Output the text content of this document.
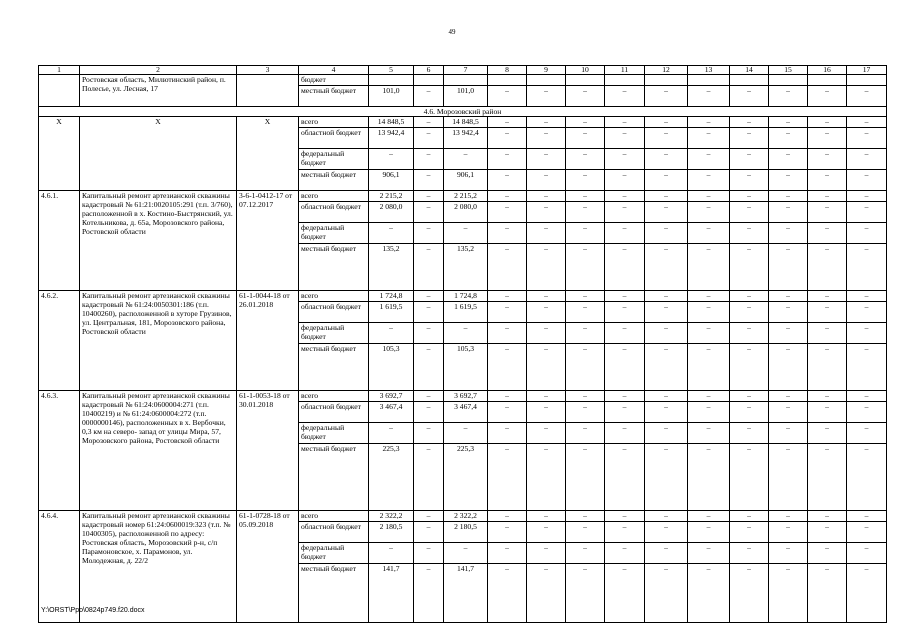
49
1	2	3	4	5	6	7	8	9	10	11	12	13	14	15	16	17
	Ростовская область, Милютинский район, п. Полесье, ул. Лесная, 17		бюджет													
			местный бюджет	101,0	–	101,0	–	–	–	–	–	–	–	–	–	–
4.6. Морозовский район																
X	X	X	всего	14 848,5	–	14 848,5	–	–	–	–	–	–	–	–	–	–
			областной бюджет	13 942,4	–	13 942,4	–	–	–	–	–	–	–	–	–	–
			федеральный бюджет	–	–	–	–	–	–	–	–	–	–	–	–	–
			местный бюджет	906,1	–	906,1	–	–	–	–	–	–	–	–	–	–
4.6.1.	Капитальный ремонт артезианской скважины кадастровый № 61:21:0020105:291 (т.п. 3/760), расположенной в х. Костино-Быстрянский, ул. Котельникова, д. 65а, Морозовского района, Ростовской области	3-6-1-0412-17 от 07.12.2017	всего	2 215,2	–	2 215,2	–	–	–	–	–	–	–	–	–	–
			областной бюджет	2 080,0	–	2 080,0	–	–	–	–	–	–	–	–	–	–
			федеральный бюджет	–	–	–	–	–	–	–	–	–	–	–	–	–
			местный бюджет	135,2	–	135,2	–	–	–	–	–	–	–	–	–	–
4.6.2.	Капитальный ремонт артезианской скважины кадастровый № 61:24:0050301:186 (т.п. 10400260), расположенной в хуторе Грузинов, ул. Центральная, 181, Морозовского района, Ростовской области	61-1-0044-18 от 26.01.2018	всего	1 724,8	–	1 724,8	–	–	–	–	–	–	–	–	–	–
			областной бюджет	1 619,5	–	1 619,5	–	–	–	–	–	–	–	–	–	–
			федеральный бюджет	–	–	–	–	–	–	–	–	–	–	–	–	–
			местный бюджет	105,3	–	105,3	–	–	–	–	–	–	–	–	–	–
4.6.3.	Капитальный ремонт артезианской скважины кадастровый № 61:24:0600004:271 (т.п. 10400219) и № 61:24:0600004:272 (т.п. 0000000146), расположенных в х. Вербочки, 0,3 км на северо- запад от улицы Мира, 57, Морозовского района, Ростовской области	61-1-0053-18 от 30.01.2018	всего	3 692,7	–	3 692,7	–	–	–	–	–	–	–	–	–	–
			областной бюджет	3 467,4	–	3 467,4	–	–	–	–	–	–	–	–	–	–
			федеральный бюджет	–	–	–	–	–	–	–	–	–	–	–	–	–
			местный бюджет	225,3	–	225,3	–	–	–	–	–	–	–	–	–	–
4.6.4.	Капитальный ремонт артезианской скважины кадастровый номер 61:24:0600019:323 (т.п. № 10400305), расположенной по адресу: Ростовская область, Морозовский р-н, с/п Парамоновское, х. Парамонов, ул. Молодежная, д. 22/2	61-1-0728-18 от 05.09.2018	всего	2 322,2	–	2 322,2	–	–	–	–	–	–	–	–	–	–
			областной бюджет	2 180,5	–	2 180,5	–	–	–	–	–	–	–	–	–	–
			федеральный бюджет	–	–	–	–	–	–	–	–	–	–	–	–	–
			местный бюджет	141,7	–	141,7	–	–	–	–	–	–	–	–	–	–
Y:\ORST\Ppo\0824p749.f20.docx
